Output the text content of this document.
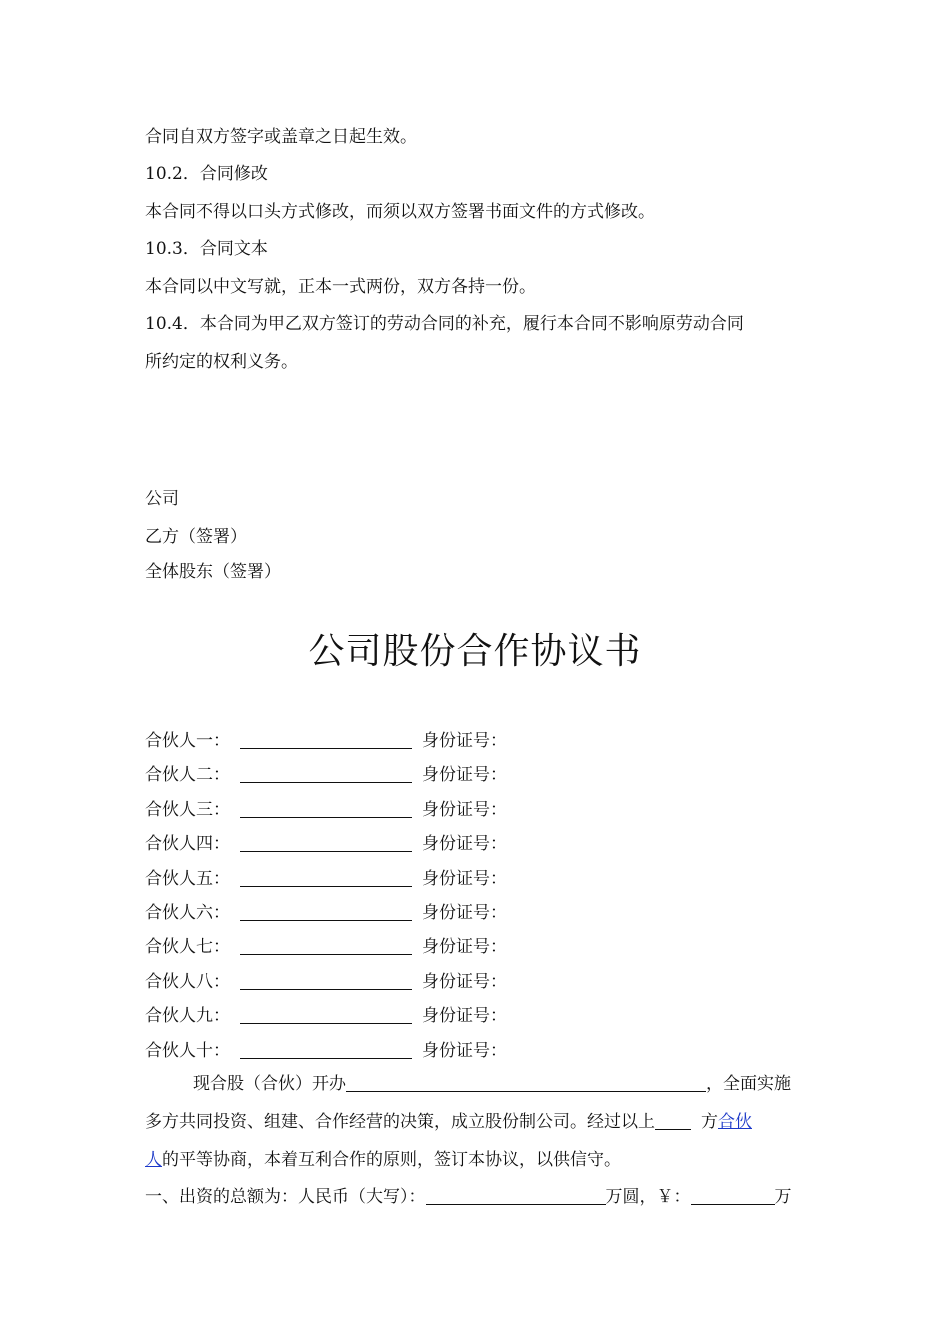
合同自双方签字或盖章之日起生效。
10.2．合同修改
本合同不得以口头方式修改，而须以双方签署书面文件的方式修改。
10.3．合同文本
本合同以中文写就，正本一式两份，双方各持一份。
10.4．本合同为甲乙双方签订的劳动合同的补充，履行本合同不影响原劳动合同
所约定的权利义务。
公司
乙方（签署）
全体股东（签署）
公司股份合作协议书
合伙人一：	身份证号：
合伙人二：	身份证号：
合伙人三：	身份证号：
合伙人四：	身份证号：
合伙人五：	身份证号：
合伙人六：	身份证号：
合伙人七：	身份证号：
合伙人八：	身份证号：
合伙人九：	身份证号：
合伙人十：	身份证号：
现合股（合伙）开办	，全面实施
多方共同投资、组建、合作经营的决策，成立股份制公司。经过以上	方合伙
人的平等协商，本着互利合作的原则，签订本协议，以供信守。
一、出资的总额为：人民币（大写）：	万圆，￥：	万
